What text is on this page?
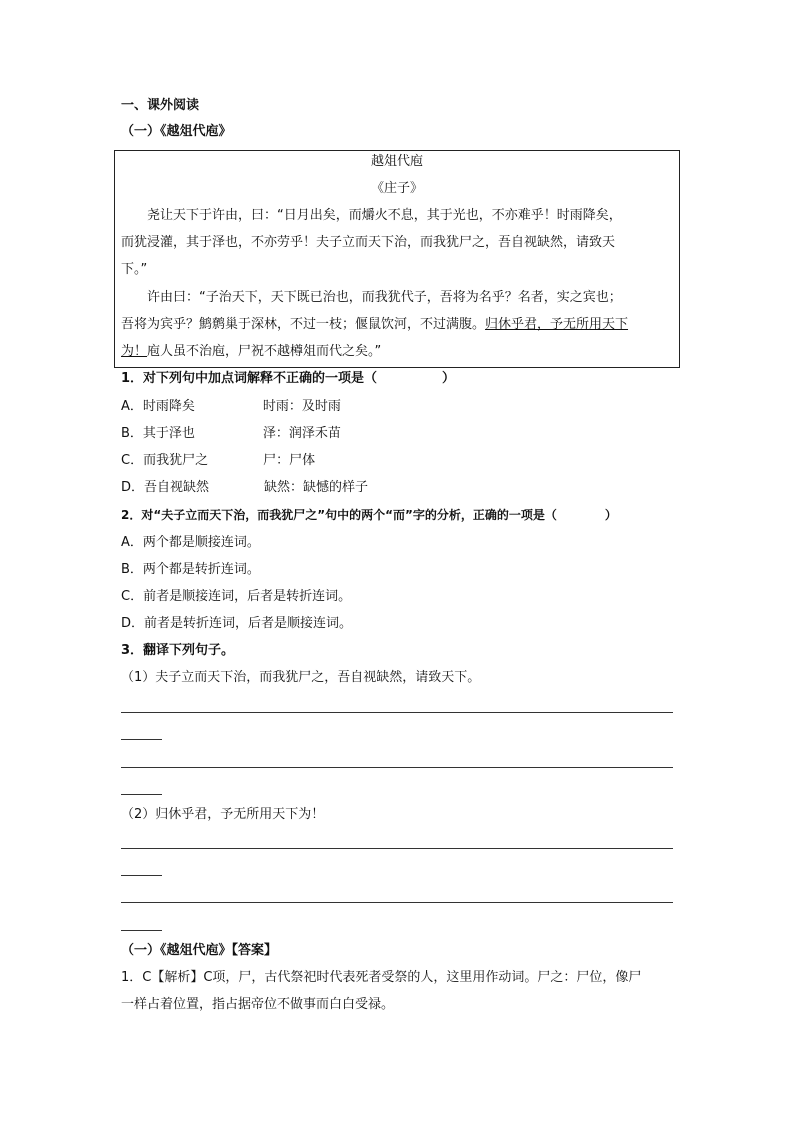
一、课外阅读
（一）《越俎代庖》
越俎代庖
《庄子》
尧让天下于许由，曰：“日月出矣，而爝火不息，其于光也，不亦难乎！时雨降矣，
而犹浸灌，其于泽也，不亦劳乎！夫子立而天下治，而我犹尸之，吾自视缺然，请致天
下。”
许由曰：“子治天下，天下既已治也，而我犹代子，吾将为名乎？名者，实之宾也；
吾将为宾乎？鹪鹩巢于深林，不过一枝；偃鼠饮河，不过满腹。归休乎君，予无所用天下
为！庖人虽不治庖，尸祝不越樽俎而代之矣。”
1．对下列句中加点词解释不正确的一项是（　　　　　）
A．时雨降矣	时雨：及时雨
B．其于泽也	泽：润泽禾苗
C．而我犹尸之	尸：尸体
D．吾自视缺然	缺然：缺憾的样子
2．对“夫子立而天下治，而我犹尸之”句中的两个“而”字的分析，正确的一项是（　　　　）
A．两个都是顺接连词。
B．两个都是转折连词。
C．前者是顺接连词，后者是转折连词。
D．前者是转折连词，后者是顺接连词。
3．翻译下列句子。
（1）夫子立而天下治，而我犹尸之，吾自视缺然，请致天下。
（2）归休乎君，予无所用天下为！
（一）《越俎代庖》【答案】
1．C【解析】C项，尸，古代祭祀时代表死者受祭的人，这里用作动词。尸之：尸位，像尸
一样占着位置，指占据帝位不做事而白白受禄。
